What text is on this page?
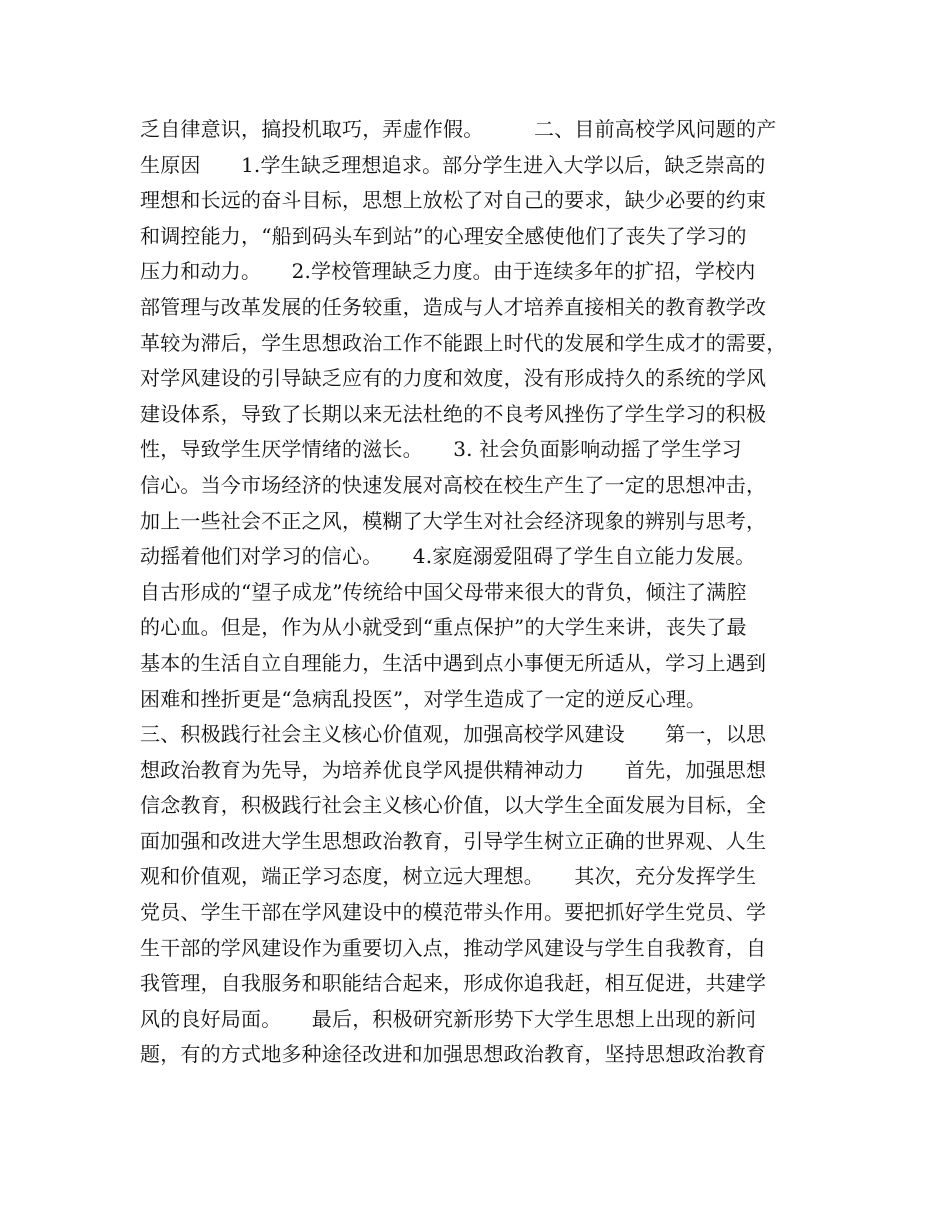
乏自律意识，搞投机取巧，弄虚作假。　　　二、目前高校学风问题的产
生原因　　1.学生缺乏理想追求。部分学生进入大学以后，缺乏崇高的
理想和长远的奋斗目标，思想上放松了对自己的要求，缺少必要的约束
和调控能力，“船到码头车到站”的心理安全感使他们了丧失了学习的
压力和动力。　　2.学校管理缺乏力度。由于连续多年的扩招，学校内
部管理与改革发展的任务较重，造成与人才培养直接相关的教育教学改
革较为滞后，学生思想政治工作不能跟上时代的发展和学生成才的需要，
对学风建设的引导缺乏应有的力度和效度，没有形成持久的系统的学风
建设体系，导致了长期以来无法杜绝的不良考风挫伤了学生学习的积极
性，导致学生厌学情绪的滋长。　　3. 社会负面影响动摇了学生学习
信心。当今市场经济的快速发展对高校在校生产生了一定的思想冲击，
加上一些社会不正之风，模糊了大学生对社会经济现象的辨别与思考，
动摇着他们对学习的信心。　　4.家庭溺爱阻碍了学生自立能力发展。
自古形成的“望子成龙”传统给中国父母带来很大的背负，倾注了满腔
的心血。但是，作为从小就受到“重点保护”的大学生来讲，丧失了最
基本的生活自立自理能力，生活中遇到点小事便无所适从，学习上遇到
困难和挫折更是“急病乱投医”，对学生造成了一定的逆反心理。
三、积极践行社会主义核心价值观，加强高校学风建设　　第一，以思
想政治教育为先导，为培养优良学风提供精神动力　　首先，加强思想
信念教育，积极践行社会主义核心价值，以大学生全面发展为目标，全
面加强和改进大学生思想政治教育，引导学生树立正确的世界观、人生
观和价值观，端正学习态度，树立远大理想。　　其次，充分发挥学生
党员、学生干部在学风建设中的模范带头作用。要把抓好学生党员、学
生干部的学风建设作为重要切入点，推动学风建设与学生自我教育，自
我管理，自我服务和职能结合起来，形成你追我赶，相互促进，共建学
风的良好局面。　　最后，积极研究新形势下大学生思想上出现的新问
题，有的方式地多种途径改进和加强思想政治教育，坚持思想政治教育
